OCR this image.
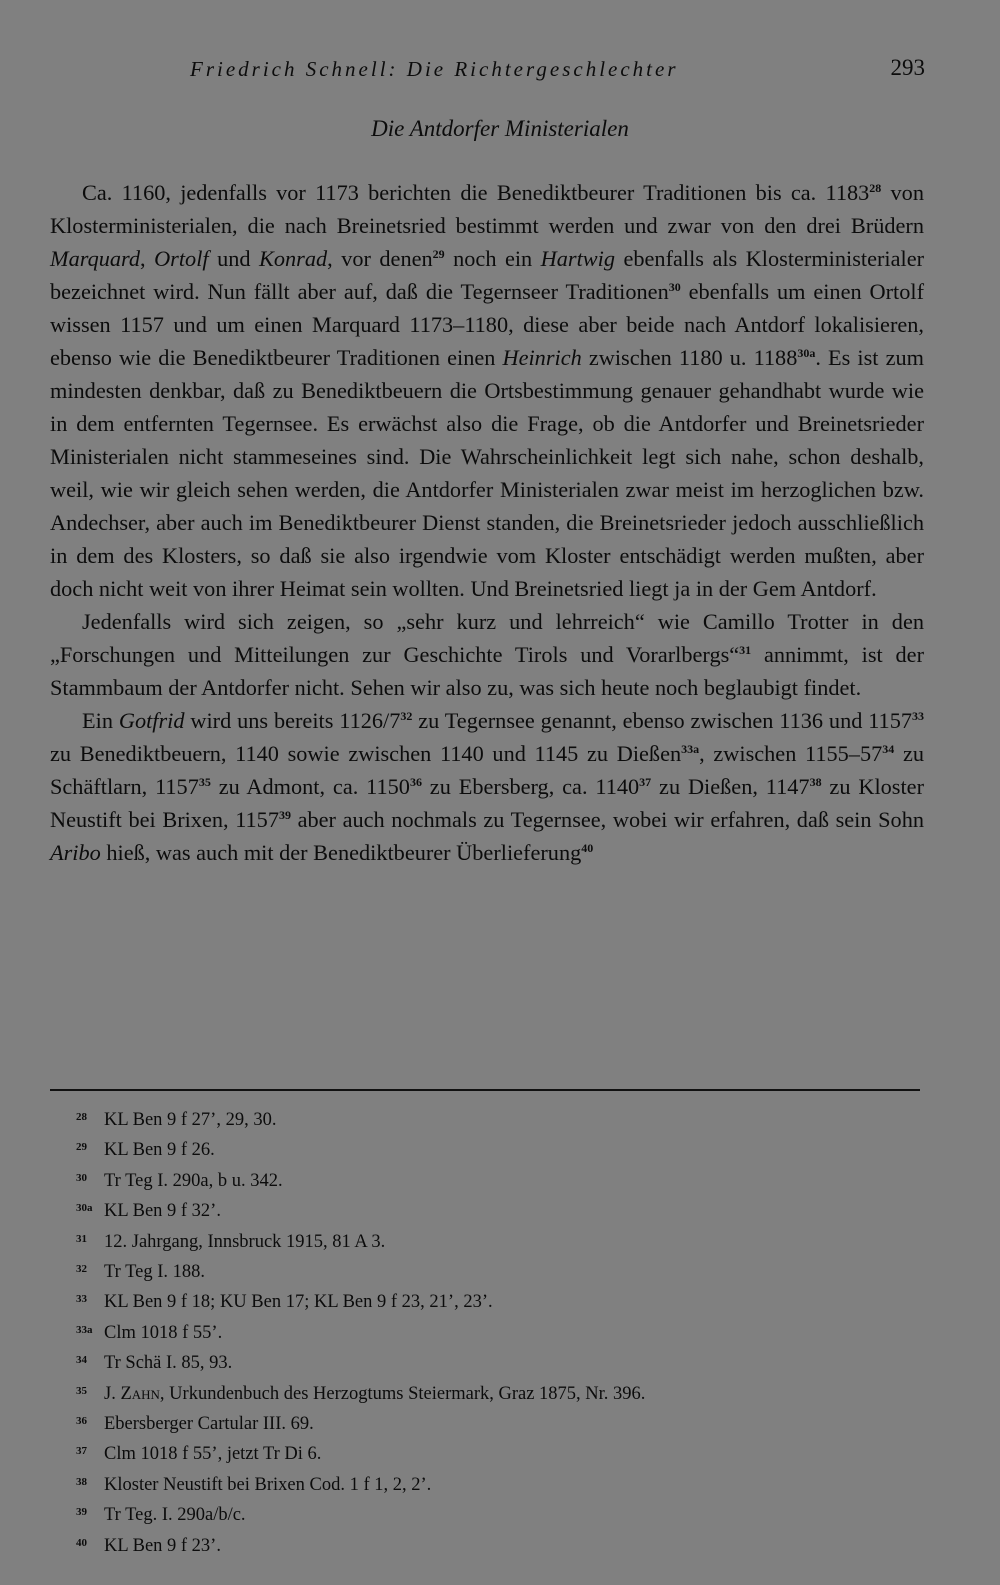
Friedrich Schnell: Die Richtergeschlechter	293
Die Antdorfer Ministerialen

Ca. 1160, jedenfalls vor 1173 berichten die Benediktbeurer Traditionen bis ca. 1183$^{28}$ von Klosterministerialen, die nach Breinetsried bestimmt werden und zwar von den drei Brüdern Marquard, Ortolf und Konrad, vor denen$^{29}$ noch ein Hartwig ebenfalls als Klosterministerialer bezeichnet wird. Nun fällt aber auf, daß die Tegernseer Traditionen$^{30}$ ebenfalls um einen Ortolf wissen 1157 und um einen Marquard 1173–1180, diese aber beide nach Antdorf lokalisieren, ebenso wie die Benediktbeurer Traditionen einen Heinrich zwischen 1180 u. $1188^{30a}$. Es ist zum mindesten denkbar, daß zu Benediktbeuern die Ortsbestimmung genauer gehandhabt wurde wie in dem entfernten Tegernsee. Es erwächst also die Frage, ob die Antdorfer und Breinetsrieder Ministerialen nicht stammeseines sind. Die Wahrscheinlichkeit legt sich nahe, schon deshalb, weil, wie wir gleich sehen werden, die Antdorfer Ministerialen zwar meist im herzoglichen bzw. Andechser, aber auch im Benediktbeurer Dienst standen, die Breinetsrieder jedoch ausschließlich in dem des Klosters, so daß sie also irgendwie vom Kloster entschädigt werden mußten, aber doch nicht weit von ihrer Heimat sein wollten. Und Breinetsried liegt ja in der Gem Antdorf.

Jedenfalls wird sich zeigen, so „sehr kurz und lehrreich“ wie Camillo Trotter in den „Forschungen und Mitteilungen zur Geschichte Tirols und Vorarlbergs“$^{31}$ annimmt, ist der Stammbaum der Antdorfer nicht. Sehen wir also zu, was sich heute noch beglaubigt findet.

Ein Gotfrid wird uns bereits $1126/7^{32}$ zu Tegernsee genannt, ebenso zwischen 1136 und 1157$^{33}$ zu Benediktbeuern, 1140 sowie zwischen 1140 und 1145 zu Dießen$^{33a}$, zwischen $1155-57^{34}$ zu Schäftlarn, 1157$^{35}$ zu Admont, ca. 1150$^{36}$ zu Ebersberg, ca. 1140$^{37}$ zu Dießen, 1147$^{38}$ zu Kloster Neustift bei Brixen, 1157$^{39}$ aber auch nochmals zu Tegernsee, wobei wir erfahren, daß sein Sohn Aribo hieß, was auch mit der Benediktbeurer Überlieferung$^{40}$

28 KL Ben 9 f 27’, 29, 30.
29 KL Ben 9 f 26.
30 Tr Teg I. 290a, b u. 342.
30a KL Ben 9 f 32’.
31 12. Jahrgang, Innsbruck 1915, 81 A 3.
32 Tr Teg I. 188.
33 KL Ben 9 f 18; KU Ben 17; KL Ben 9 f 23, 21’, 23’.
33a Clm 1018 f 55’.
34 Tr Schä I. 85, 93.
35 J. Zahn, Urkundenbuch des Herzogtums Steiermark, Graz 1875, Nr. 396.
36 Ebersberger Cartular III. 69.
37 Clm 1018 f 55’, jetzt Tr Di 6.
38 Kloster Neustift bei Brixen Cod. 1 f 1, 2, 2’.
39 Tr Teg. I. 290a/b/c.
40 KL Ben 9 f 23’.
